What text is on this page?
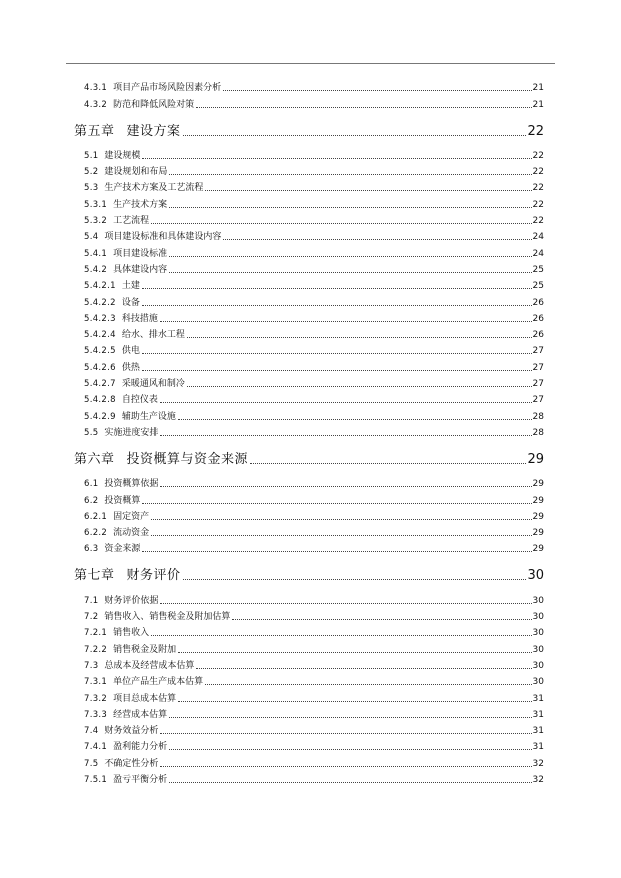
4.3.1 项目产品市场风险因素分析	21
4.3.2 防范和降低风险对策	21
第五章 建设方案	22
5.1 建设规模	22
5.2 建设规划和布局	22
5.3 生产技术方案及工艺流程	22
5.3.1 生产技术方案	22
5.3.2 工艺流程	22
5.4 项目建设标准和具体建设内容	24
5.4.1 项目建设标准	24
5.4.2 具体建设内容	25
5.4.2.1 土建	25
5.4.2.2 设备	26
5.4.2.3 科技措施	26
5.4.2.4 给水、排水工程	26
5.4.2.5 供电	27
5.4.2.6 供热	27
5.4.2.7 采暖通风和制冷	27
5.4.2.8 自控仪表	27
5.4.2.9 辅助生产设施	28
5.5 实施进度安排	28
第六章 投资概算与资金来源	29
6.1 投资概算依据	29
6.2 投资概算	29
6.2.1 固定资产	29
6.2.2 流动资金	29
6.3 资金来源	29
第七章 财务评价	30
7.1 财务评价依据	30
7.2 销售收入、销售税金及附加估算	30
7.2.1 销售收入	30
7.2.2 销售税金及附加	30
7.3 总成本及经营成本估算	30
7.3.1 单位产品生产成本估算	30
7.3.2 项目总成本估算	31
7.3.3 经营成本估算	31
7.4 财务效益分析	31
7.4.1 盈利能力分析	31
7.5 不确定性分析	32
7.5.1 盈亏平衡分析	32
